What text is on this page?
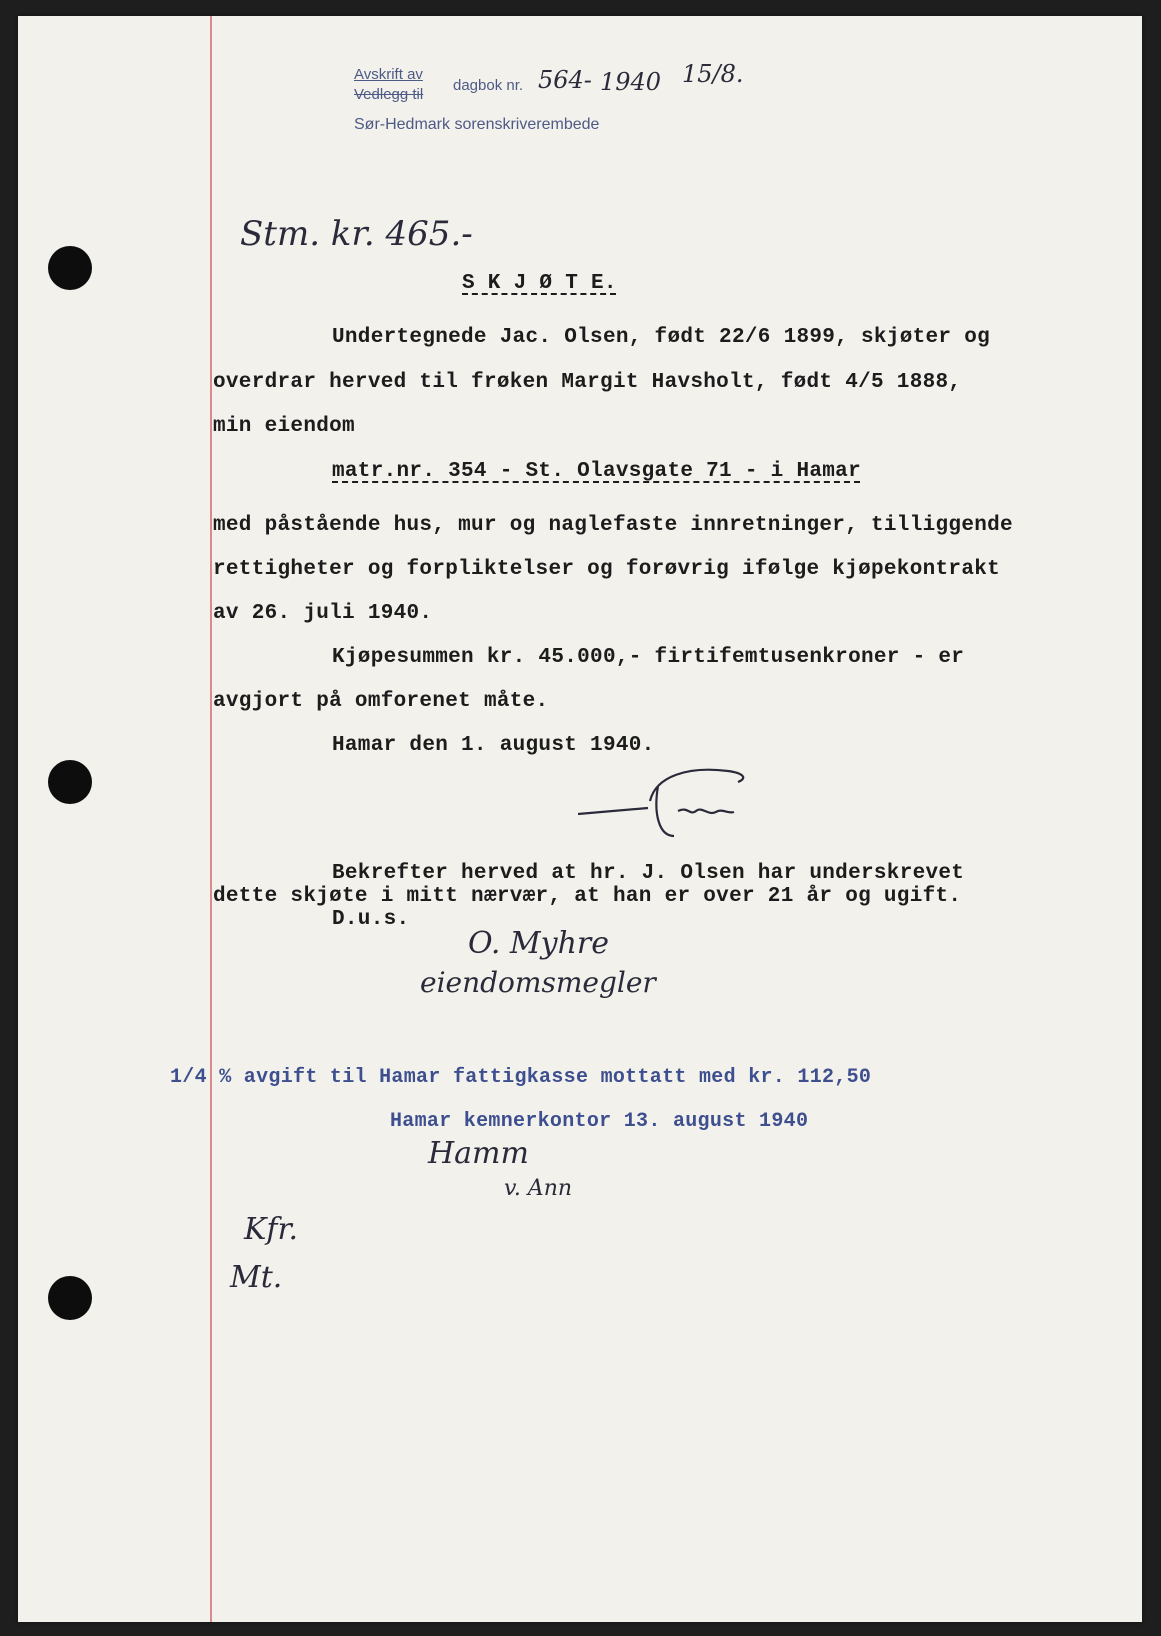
Avskrift av
Vedlegg til
dagbok nr. 564- 1940 15/8.
Sør-Hedmark sorenskriverembede
Stm. kr. 465.-
S K J Ø T E.
Undertegnede Jac. Olsen, født 22/6 1899, skjøter og
overdrar herved til frøken Margit Havsholt, født 4/5 1888,
min eiendom
matr.nr. 354 - St. Olavsgate 71 - i Hamar
med påstående hus, mur og naglefaste innretninger, tilliggende
rettigheter og forpliktelser og forøvrig ifølge kjøpekontrakt
av 26. juli 1940.
Kjøpesummen kr. 45.000,- firtifemtusenkroner - er
avgjort på omforenet måte.
Hamar den 1. august 1940.
Bekrefter herved at hr. J. Olsen har underskrevet
dette skjøte i mitt nærvær, at han er over 21 år og ugift.
D.u.s.
O. Myhre
eiendomsmegler
1/4 % avgift til Hamar fattigkasse mottatt med kr. 112,50
Hamar kemnerkontor 13. august 1940
Hamm
v. Ann
Kfr.
Mt.
